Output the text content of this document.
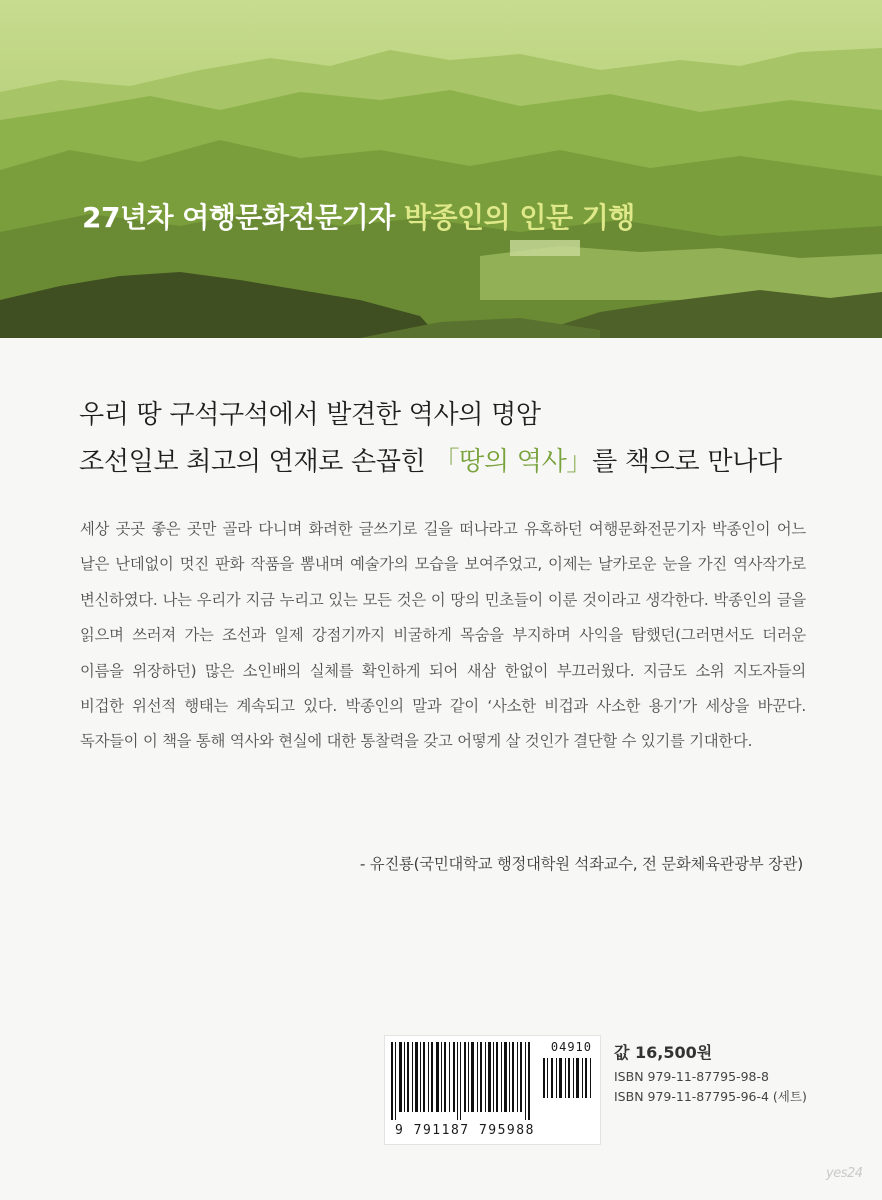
27년차 여행문화전문기자 박종인의 인문 기행
우리 땅 구석구석에서 발견한 역사의 명암
조선일보 최고의 연재로 손꼽힌 「땅의 역사」를 책으로 만나다

세상 곳곳 좋은 곳만 골라 다니며 화려한 글쓰기로 길을 떠나라고 유혹하던 여행문화전문기자 박종인이 어느 날은 난데없이 멋진 판화 작품을 뽐내며 예술가의 모습을 보여주었고, 이제는 날카로운 눈을 가진 역사작가로 변신하였다. 나는 우리가 지금 누리고 있는 모든 것은 이 땅의 민초들이 이룬 것이라고 생각한다. 박종인의 글을 읽으며 쓰러져 가는 조선과 일제 강점기까지 비굴하게 목숨을 부지하며 사익을 탐했던(그러면서도 더러운 이름을 위장하던) 많은 소인배의 실체를 확인하게 되어 새삼 한없이 부끄러웠다. 지금도 소위 지도자들의 비겁한 위선적 행태는 계속되고 있다. 박종인의 말과 같이 ‘사소한 비겁과 사소한 용기’가 세상을 바꾼다. 독자들이 이 책을 통해 역사와 현실에 대한 통찰력을 갖고 어떻게 살 것인가 결단할 수 있기를 기대한다.

- 유진룡(국민대학교 행정대학원 석좌교수, 전 문화체육관광부 장관)
04910
9 791187 795988
값 16,500원
ISBN 979-11-87795-98-8
ISBN 979-11-87795-96-4 (세트)
yes24
